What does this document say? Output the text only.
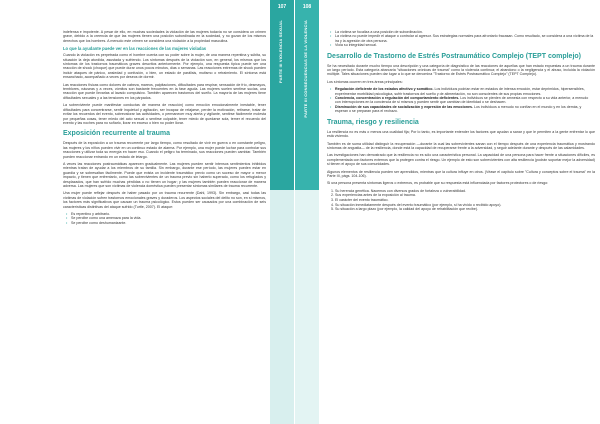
indefensa e impotente. A pesar de ello, en muchas sociedades la violación de las mujeres todavía no se considera un crimen grave, debido a la creencia de que las mujeres tienen una posición subordinada en la sociedad, y no gozan de los mismos derechos que los hombres. A menudo este crimen se considera una violación a la propiedad masculina.

Lo que la ayudante puede ver en las reacciones de las mujeres violadas

Cuando la violación es perpetrada como el hombre cuenta con su poder sobre la mujer, de una manera repentina y súbita, su situación la deja aturdida, asustada y sufriendo. Los síntomas después de la violación son, en general, los mismos que los síntomas de los trastornos traumáticos graves descritos anteriormente. Por ejemplo, una respuesta típica puede ser una reacción de shock (choque) que puede durar unos pocos minutos, días o semanas. Las reacciones extremas de shock pueden incluir ataques de pánico, ansiedad y confusión, o bien, un estado de parálisis, mutismo o retraimiento. El síntoma está ensanchado, acompañado a veces por deseos de dormir.

Las reacciones físicas como dolores de cabeza, mareos, palpitaciones, dificultades para respirar, sensación de frío, desmayos, temblores, náuseas y a veces, vómitos son bastante frecuentes en la fase aguda. Las mujeres suelen sentirse sucias, una reacción que puede llevarlas al lavado compulsivo. También aparecen trastornos del sueño. La mayoría de las mujeres tiene dificultades sexuales y a las tensiones en los párpados.

La sobreviviente puede manifestar conductas de manera de reacción) como emoción emocionalmente inestable, tener dificultades para concentrarse, sentir inquietud y agitación, ser incapaz de relajarse, perder la motivación, retirarse, tratar de evitar los recuerdos del evento, sobrevalorar las actividades, o permanecer muy alerta y vigilante, sentirse fácilmente molesta por pequeñas cosas, tener miedo del acto sexual o sentirse culpable, tener miedo de quedarse sola, temer el recuerdo del evento y las noches para no soñarlo, llorar en exceso o bien no poder llorar.

Exposición recurrente al trauma

Después de la exposición a un trauma recurrente por largo tiempo, como resultado de vivir en guerra o en constante peligro, las mujeres y los niños pueden vivir en un continuo estado de alarma. Por ejemplo, una mujer puede luchar para controlar sus reacciones y utilizar toda su energía en hacer eso. Cuando el peligro ha terminado, sus reacciones pueden cambiar. También pueden reaccionar entrando en un estado de letargo.

A veces las reacciones postraumáticas aparecen gradualmente. Las mujeres pueden sentir intensos sentimientos inhibidos mientras tratan de ayudar a los miembros de su familia. Sin embargo, durante ese período, las mujeres pueden estar en guardia y se sobresaltan fácilmente. Puede que exista un incidente traumático previo como un suceso de mayor o menor impacto, y tienen que enfrentarlo, como las sobrevivientes de un trauma previo sin haberlo superado, como los refugiados y desplazados, que han sufrido muchas pérdidas o no tienen un hogar; y las mujeres también pueden reaccionar de manera adversa. Las mujeres que son víctimas de violencia doméstica pueden presentar síntomas similares de trauma recurrente.

Una mujer puede reflejar después de haber pasado por un trauma recurrente (Dahl, 1993). Sin embargo, casi todas las víctimas de violación sufren trastornos emocionales graves y duraderos. Los aspectos sociales del delito no son, en sí mismos, los factores más significativos que causan un trauma psicológico. Estos pueden ser causados por una combinación de seis características distintivas del ataque sufrido (Turtle, 2007). El ataque:

• Es repentino y arbitrario.
• Se percibe como una amenaza para la vida.
• Se percibe como deshumanizante.
107
PARTE III VIOLENCIA SEXUAL
108
PARTE III CONSECUENCIAS DE LA VIOLENCIA
•	La víctima se focaliza a una posición de subordinación.
• La víctima no puede impedir el ataque o controlar al agresor. Sus estrategias normales para afrontarlo fracasan. Como resultado, se considera a una víctima de la ira y la agresión de otra persona.
• Viola su integridad sexual.
Desarrollo de Trastorno de Estrés Postraumático Complejo (TEPT complejo)

Se ha necesitado durante mucho tiempo una descripción y una categoría de diagnóstico de las reacciones de aquellas que han estado expuestas a un trauma durante un largo período. Esta categoría abarcaría "situaciones crónicas de trauma" como la violencia continua; el abandono o la negligencia y el abuso, incluida la violación múltiple. Tales situaciones pueden dar lugar a lo que se denomina "Trastorno de Estrés Postraumático Complejo" (TEPT Complejo).

Los síntomas ocurren en tres áreas principales:

• Regulación deficiente de los estados afectivo y somático. Los individuos podrían estar en estados de intensa emoción, estar deprimidos, hipersensibles, experimentar morbilidad psicológica, sufrir trastornos del sueño y de alimentación, no son conscientes de sus propias emociones.
• Conciencia, concentración o regulación del comportamiento deficientes. Los individuos se pierden de amnesia con respecto a su vida anterior, a menudo con interrupciones en la conciencia de sí mismos y pueden sentir que cambian de identidad o se deshacen.
• Disminución de sus capacidades de socialización y expresión de las emociones. Los individuos a menudo no confían en el mundo y en los demás, y esperan o se preparan para el rechazo.
Trauma, riesgo y resiliencia

La resiliencia no es más o menos una cualidad fija; Por lo tanto, es importante entender los factores que ayudan a sanar y que le permiten a la gente enfrentar lo que está viviendo.

También es de suma utilidad distinguir la recuperación —durante la cual las sobrevivientes sanan con el tiempo después de una experiencia traumática y mostrando síntomas de angustia— de la resiliencia, donde está la capacidad de recuperarse frente a la adversidad, y seguir adelante durante y después de las calamidades.

Las investigaciones han demostrado que la resiliencia no es sólo una característica personal. La capacidad de una persona para hacer frente a situaciones difíciles, es complementada con factores externos que la protegen contra el riesgo. Un ejemplo de esto son sobrevivientes con alta resiliencia (podrán soportar mejor la adversidad) si tienen el apoyo de sus comunidades.

Algunos elementos de resiliencia pueden ser aprendidos, mientras que la cultura influye en otros. (Véase el capítulo sobre "Cultura y conceptos sobre el trauma" en la Parte III, págs. 104-106).

Si una persona presenta síntomas ligeros o extremos, es probable que su respuesta está influenciada por factores protectores o de riesgo:

1. Su herencia genética. Nacemos con diversos grados de fortaleza o vulnerabilidad.
2. Sus experiencias antes de la exposición al trauma.
3. El carácter del evento traumático.
4. Su situación inmediatamente después del evento traumático (por ejemplo, si ha vivido o recibido apoyo).
5. Su situación a largo plazo (por ejemplo, la calidad del apoyo de rehabilitación que recibe).
